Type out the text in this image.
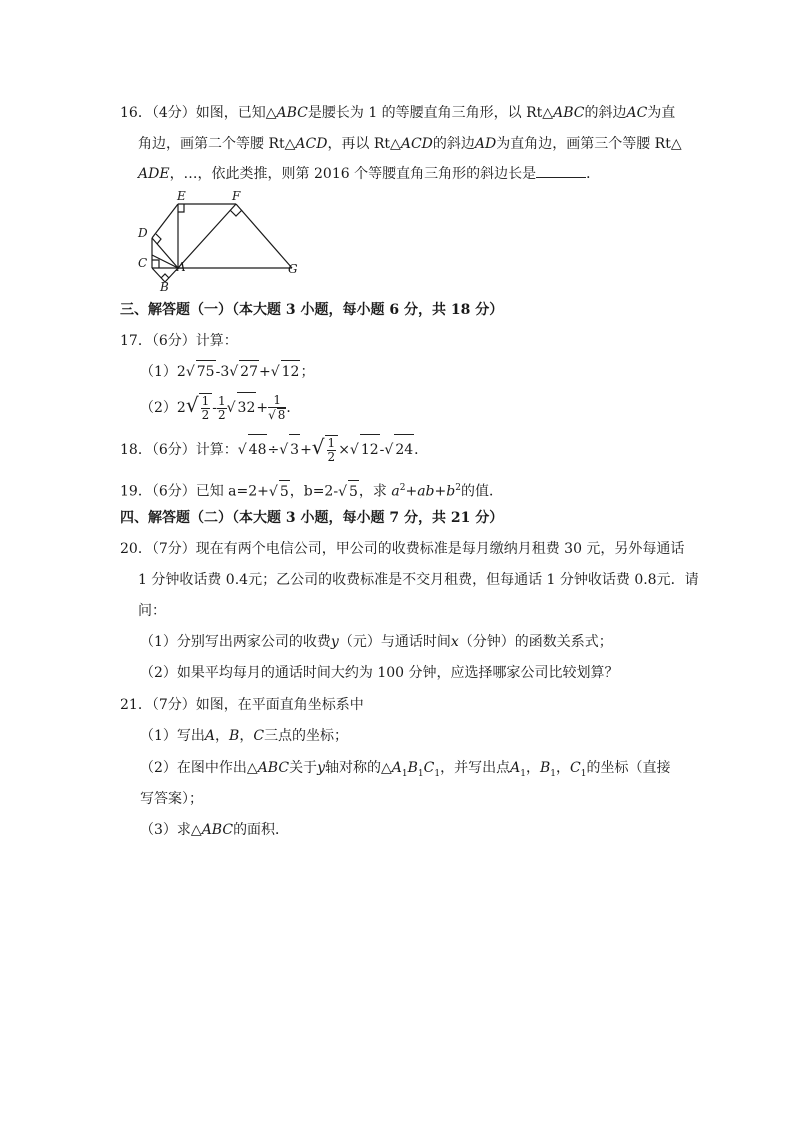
16．（4分）如图，已知△ABC是腰长为 1 的等腰直角三角形，以 Rt△ABC的斜边AC为直
角边，画第二个等腰 Rt△ACD，再以 Rt△ACD的斜边AD为直角边，画第三个等腰 Rt△
ADE，…，依此类推，则第 2016 个等腰直角三角形的斜边长是	．
E	F
D
C A	G
B
三、解答题（一）（本大题 3 小题，每小题 6 分，共 18 分）
17．（6分）计算：
（1）2√ 75-3√ 27+√ 12；
$(2)2√ \frac{1}{2} - \frac{1}{2}$
√ 32+ 1
√ 8 ．
18．（6分）计算：√ 48÷√ $3+√ \frac{1}{2}$ ×√ 12-√ 24．
19．（6分）已知 a=2+√ 5，b=2-√ 5，求 $a^2+ab+b^2$的值．
四、解答题（二）（本大题 3 小题，每小题 7 分，共 21 分）
20．（7分）现在有两个电信公司，甲公司的收费标准是每月缴纳月租费 30 元，另外每通话
1 分钟收话费 0.4元；乙公司的收费标准是不交月租费，但每通话 1 分钟收话费 0.8元．请
问：
（1）分别写出两家公司的收费y（元）与通话时间x（分钟）的函数关系式；
（2）如果平均每月的通话时间大约为 100 分钟，应选择哪家公司比较划算？
21．（7分）如图，在平面直角坐标系中
（1）写出A，B，C三点的坐标；
（2）在图中作出△ABC关于y轴对称的$\triangle A_1B_1C_1$，并写出点$A_1$，$B_1$，$C_1$的坐标（直接
写答案）；
（3）求△ABC的面积．
